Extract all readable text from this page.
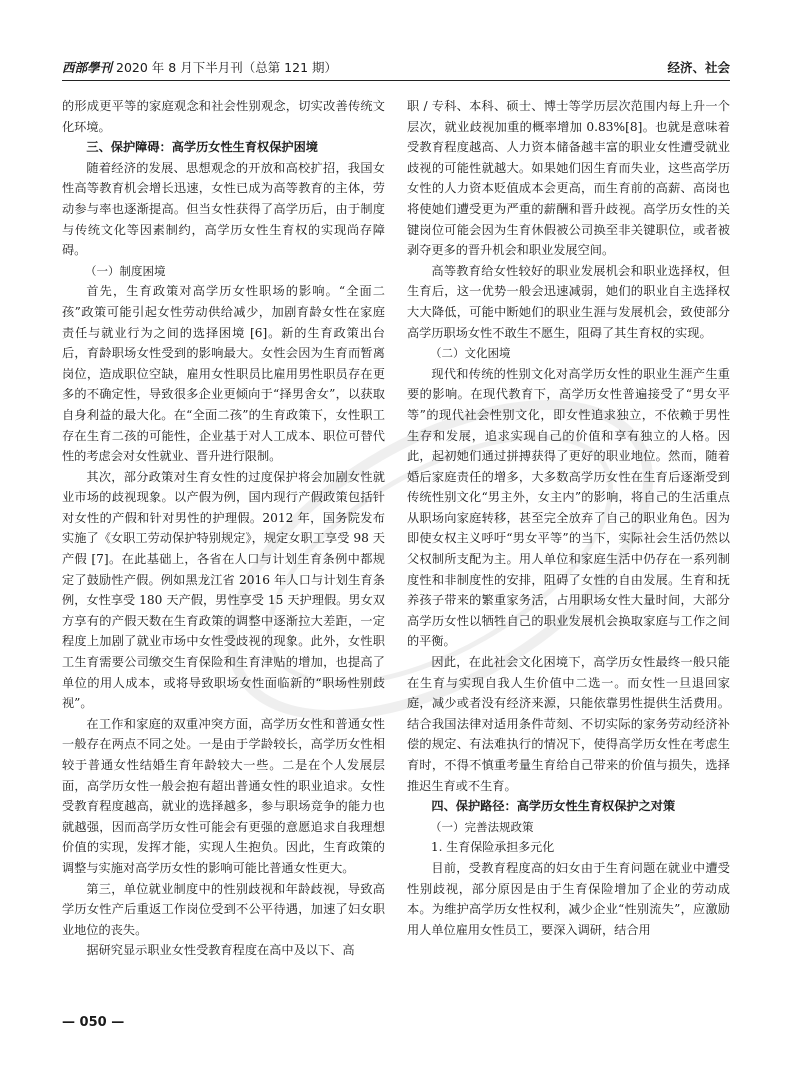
西部學刊 2020 年 8 月下半月刊（总第 121 期）	经济、社会

的形成更平等的家庭观念和社会性别观念，切实改善传统文化环境。

三、保护障碍：高学历女性生育权保护困境

随着经济的发展、思想观念的开放和高校扩招，我国女性高等教育机会增长迅速，女性已成为高等教育的主体，劳动参与率也逐渐提高。但当女性获得了高学历后，由于制度与传统文化等因素制约，高学历女性生育权的实现尚存障碍。

（一）制度困境

首先，生育政策对高学历女性职场的影响。“全面二孩”政策可能引起女性劳动供给减少，加剧育龄女性在家庭责任与就业行为之间的选择困境 [6]。新的生育政策出台后，育龄职场女性受到的影响最大。女性会因为生育而暂离岗位，造成职位空缺，雇用女性职员比雇用男性职员存在更多的不确定性，导致很多企业更倾向于“择男舍女”，以获取自身利益的最大化。在“全面二孩”的生育政策下，女性职工存在生育二孩的可能性，企业基于对人工成本、职位可替代性的考虑会对女性就业、晋升进行限制。

其次，部分政策对生育女性的过度保护将会加剧女性就业市场的歧视现象。以产假为例，国内现行产假政策包括针对女性的产假和针对男性的护理假。2012 年，国务院发布实施了《女职工劳动保护特别规定》，规定女职工享受 98 天产假 [7]。在此基础上，各省在人口与计划生育条例中都规定了鼓励性产假。例如黑龙江省 2016 年人口与计划生育条例，女性享受 180 天产假，男性享受 15 天护理假。男女双方享有的产假天数在生育政策的调整中逐渐拉大差距，一定程度上加剧了就业市场中女性受歧视的现象。此外，女性职工生育需要公司缴交生育保险和生育津贴的增加，也提高了单位的用人成本，或将导致职场女性面临新的“职场性别歧视”。

在工作和家庭的双重冲突方面，高学历女性和普通女性一般存在两点不同之处。一是由于学龄较长，高学历女性相较于普通女性结婚生育年龄较大一些。二是在个人发展层面，高学历女性一般会抱有超出普通女性的职业追求。女性受教育程度越高，就业的选择越多，参与职场竞争的能力也就越强，因而高学历女性可能会有更强的意愿追求自我理想价值的实现，发挥才能，实现人生抱负。因此，生育政策的调整与实施对高学历女性的影响可能比普通女性更大。

第三，单位就业制度中的性别歧视和年龄歧视，导致高学历女性产后重返工作岗位受到不公平待遇，加速了妇女职业地位的丧失。

据研究显示职业女性受教育程度在高中及以下、高

职 / 专科、本科、硕士、博士等学历层次范围内每上升一个层次，就业歧视加重的概率增加 0.83%[8]。也就是意味着受教育程度越高、人力资本储备越丰富的职业女性遭受就业歧视的可能性就越大。如果她们因生育而失业，这些高学历女性的人力资本贬值成本会更高，而生育前的高薪、高岗也将使她们遭受更为严重的薪酬和晋升歧视。高学历女性的关键岗位可能会因为生育休假被公司换至非关键职位，或者被剥夺更多的晋升机会和职业发展空间。

高等教育给女性较好的职业发展机会和职业选择权，但生育后，这一优势一般会迅速减弱，她们的职业自主选择权大大降低，可能中断她们的职业生涯与发展机会，致使部分高学历职场女性不敢生不愿生，阻碍了其生育权的实现。

（二）文化困境

现代和传统的性别文化对高学历女性的职业生涯产生重要的影响。在现代教育下，高学历女性普遍接受了“男女平等”的现代社会性别文化，即女性追求独立，不依赖于男性生存和发展，追求实现自己的价值和享有独立的人格。因此，起初她们通过拼搏获得了更好的职业地位。然而，随着婚后家庭责任的增多，大多数高学历女性在生育后逐渐受到传统性别文化“男主外，女主内”的影响，将自己的生活重点从职场向家庭转移，甚至完全放弃了自己的职业角色。因为即使女权主义呼吁“男女平等”的当下，实际社会生活仍然以父权制所支配为主。用人单位和家庭生活中仍存在一系列制度性和非制度性的安排，阻碍了女性的自由发展。生育和抚养孩子带来的繁重家务活，占用职场女性大量时间，大部分高学历女性以牺牲自己的职业发展机会换取家庭与工作之间的平衡。

因此，在此社会文化困境下，高学历女性最终一般只能在生育与实现自我人生价值中二选一。而女性一旦退回家庭，减少或者没有经济来源，只能依靠男性提供生活费用。结合我国法律对适用条件苛刻、不切实际的家务劳动经济补偿的规定、有法难执行的情况下，使得高学历女性在考虑生育时，不得不慎重考量生育给自己带来的价值与损失，选择推迟生育或不生育。

四、保护路径：高学历女性生育权保护之对策
（一）完善法规政策
1. 生育保险承担多元化

目前，受教育程度高的妇女由于生育问题在就业中遭受性别歧视，部分原因是由于生育保险增加了企业的劳动成本。为维护高学历女性权利，减少企业“性别流失”，应激励用人单位雇用女性员工，要深入调研，结合用

— 050 —
